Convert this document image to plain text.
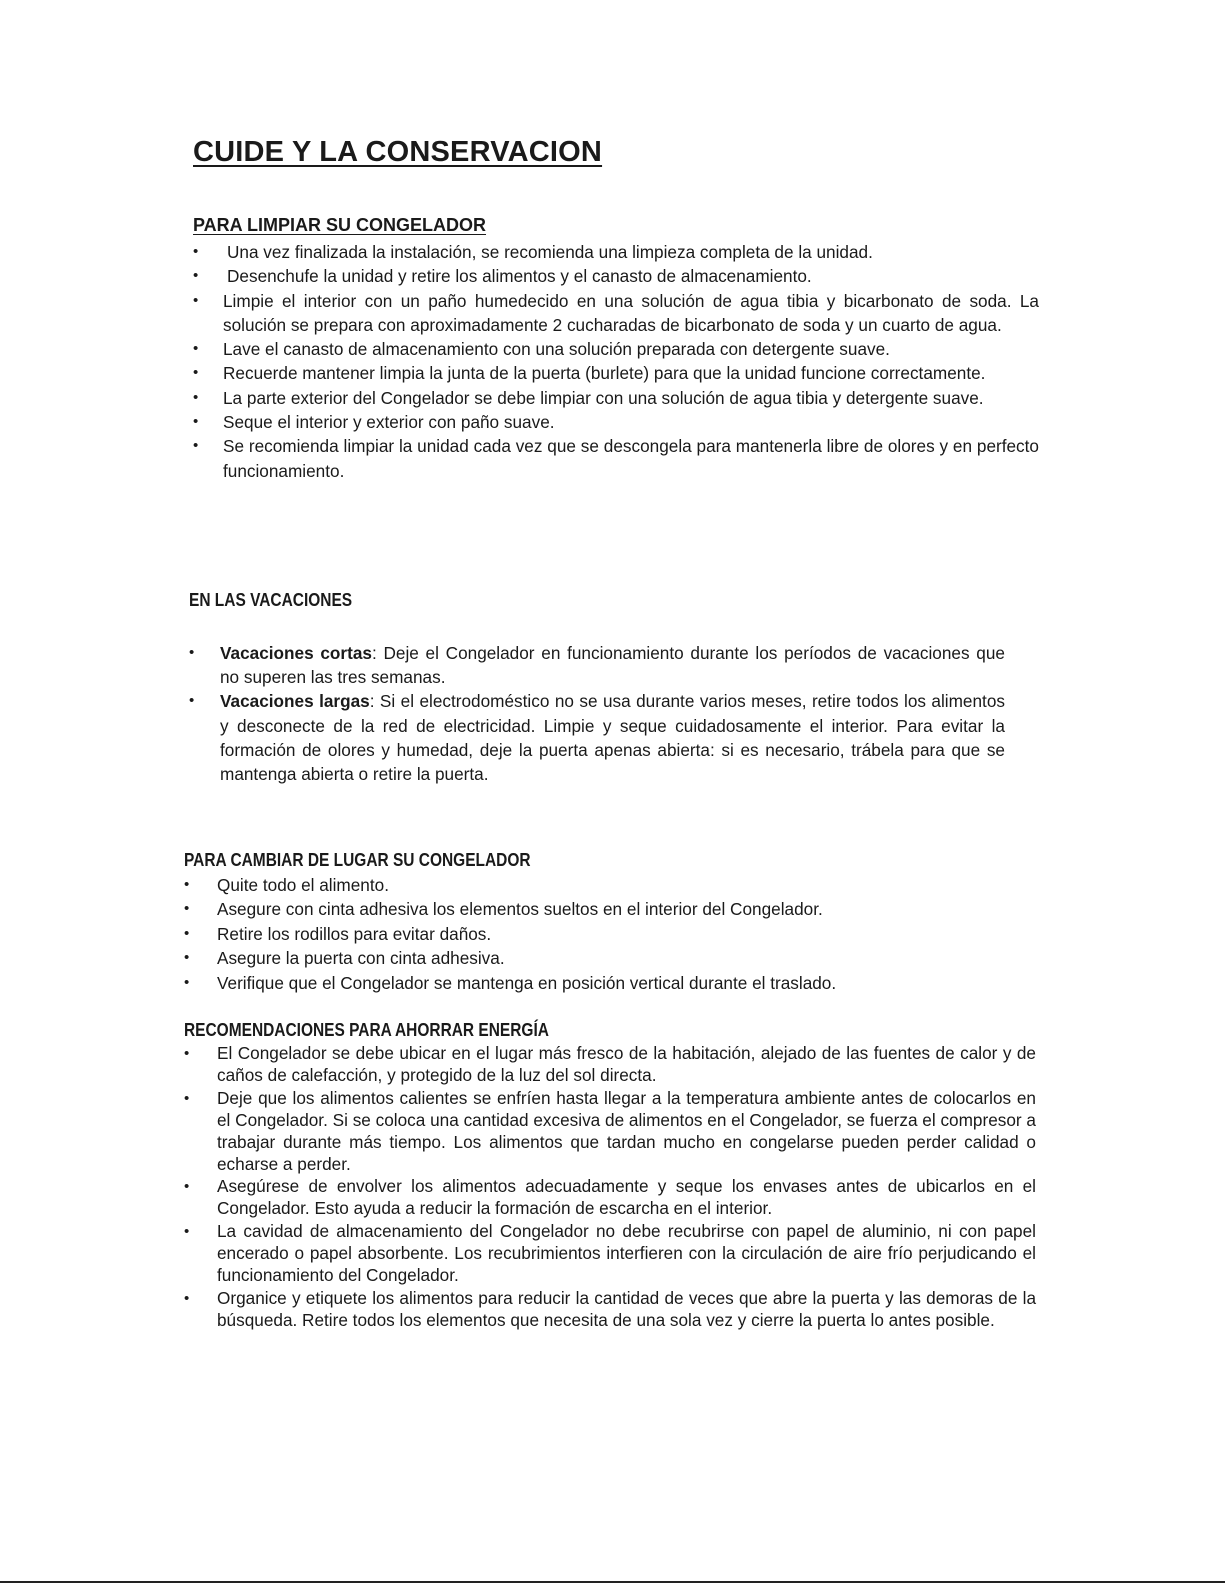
CUIDE Y LA CONSERVACION
PARA LIMPIAR SU CONGELADOR
• Una vez finalizada la instalación, se recomienda una limpieza completa de la unidad.
• Desenchufe la unidad y retire los alimentos y el canasto de almacenamiento.
• Limpie el interior con un paño humedecido en una solución de agua tibia y bicarbonato de soda. La solución se prepara con aproximadamente 2 cucharadas de bicarbonato de soda y un cuarto de agua.
• Lave el canasto de almacenamiento con una solución preparada con detergente suave.
• Recuerde mantener limpia la junta de la puerta (burlete) para que la unidad funcione correctamente.
• La parte exterior del Congelador se debe limpiar con una solución de agua tibia y detergente suave.
• Seque el interior y exterior con paño suave.
• Se recomienda limpiar la unidad cada vez que se descongela para mantenerla libre de olores y en perfecto funcionamiento.
EN LAS VACACIONES
• Vacaciones cortas: Deje el Congelador en funcionamiento durante los períodos de vacaciones que no superen las tres semanas.
• Vacaciones largas: Si el electrodoméstico no se usa durante varios meses, retire todos los alimentos y desconecte de la red de electricidad. Limpie y seque cuidadosamente el interior. Para evitar la formación de olores y humedad, deje la puerta apenas abierta: si es necesario, trábela para que se mantenga abierta o retire la puerta.
PARA CAMBIAR DE LUGAR SU CONGELADOR
• Quite todo el alimento.
• Asegure con cinta adhesiva los elementos sueltos en el interior del Congelador.
• Retire los rodillos para evitar daños.
• Asegure la puerta con cinta adhesiva.
• Verifique que el Congelador se mantenga en posición vertical durante el traslado.
RECOMENDACIONES PARA AHORRAR ENERGÍA
• El Congelador se debe ubicar en el lugar más fresco de la habitación, alejado de las fuentes de calor y de caños de calefacción, y protegido de la luz del sol directa.
• Deje que los alimentos calientes se enfríen hasta llegar a la temperatura ambiente antes de colocarlos en el Congelador. Si se coloca una cantidad excesiva de alimentos en el Congelador, se fuerza el compresor a trabajar durante más tiempo. Los alimentos que tardan mucho en congelarse pueden perder calidad o echarse a perder.
• Asegúrese de envolver los alimentos adecuadamente y seque los envases antes de ubicarlos en el Congelador. Esto ayuda a reducir la formación de escarcha en el interior.
• La cavidad de almacenamiento del Congelador no debe recubrirse con papel de aluminio, ni con papel encerado o papel absorbente. Los recubrimientos interfieren con la circulación de aire frío perjudicando el funcionamiento del Congelador.
• Organice y etiquete los alimentos para reducir la cantidad de veces que abre la puerta y las demoras de la búsqueda. Retire todos los elementos que necesita de una sola vez y cierre la puerta lo antes posible.
